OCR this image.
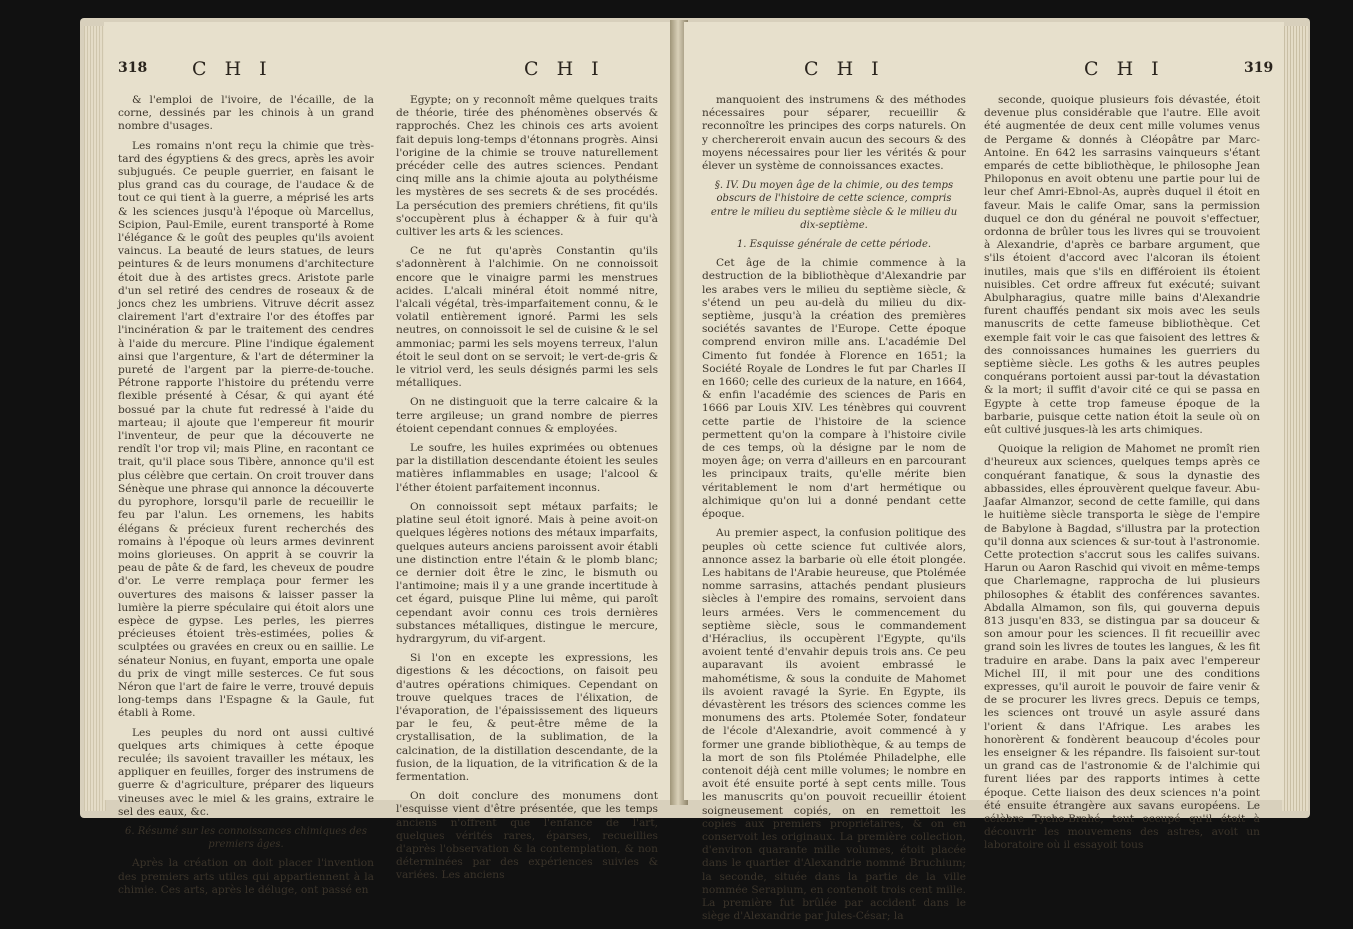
318 C H I	C H I

& l'emploi de l'ivoire, de l'écaille, de la corne, dessinés par les chinois à un grand nombre d'usages.

Les romains n'ont reçu la chimie que très-tard des égyptiens & des grecs, après les avoir subjugués. Ce peuple guerrier, en faisant le plus grand cas du courage, de l'audace & de tout ce qui tient à la guerre, a méprisé les arts & les sciences jusqu'à l'époque où Marcellus, Scipion, Paul-Emile, eurent transporté à Rome l'élégance & le goût des peuples qu'ils avoient vaincus. La beauté de leurs statues, de leurs peintures & de leurs monumens d'architecture étoit due à des artistes grecs. Aristote parle d'un sel retiré des cendres de roseaux & de joncs chez les umbriens. Vitruve décrit assez clairement l'art d'extraire l'or des étoffes par l'incinération & par le traitement des cendres à l'aide du mercure. Pline l'indique également ainsi que l'argenture, & l'art de déterminer la pureté de l'argent par la pierre-de-touche. Pétrone rapporte l'histoire du prétendu verre flexible présenté à César, & qui ayant été bossué par la chute fut redressé à l'aide du marteau; il ajoute que l'empereur fit mourir l'inventeur, de peur que la découverte ne rendît l'or trop vil; mais Pline, en racontant ce trait, qu'il place sous Tibère, annonce qu'il est plus célèbre que certain. On croit trouver dans Sénèque une phrase qui annonce la découverte du pyrophore, lorsqu'il parle de recueillir le feu par l'alun. Les ornemens, les habits élégans & précieux furent recherchés des romains à l'époque où leurs armes devinrent moins glorieuses. On apprit à se couvrir la peau de pâte & de fard, les cheveux de poudre d'or. Le verre remplaça pour fermer les ouvertures des maisons & laisser passer la lumière la pierre spéculaire qui étoit alors une espèce de gypse. Les perles, les pierres précieuses étoient très-estimées, polies & sculptées ou gravées en creux ou en saillie. Le sénateur Nonius, en fuyant, emporta une opale du prix de vingt mille sesterces. Ce fut sous Néron que l'art de faire le verre, trouvé depuis long-temps dans l'Espagne & la Gaule, fut établi à Rome.

Les peuples du nord ont aussi cultivé quelques arts chimiques à cette époque reculée; ils savoient travailler les métaux, les appliquer en feuilles, forger des instrumens de guerre & d'agriculture, préparer des liqueurs vineuses avec le miel & les grains, extraire le sel des eaux, &c.

6. Résumé sur les connoissances chimiques des premiers âges.

Après la création on doit placer l'invention des premiers arts utiles qui appartiennent à la chimie. Ces arts, après le déluge, ont passé en

Egypte; on y reconnoît même quelques traits de théorie, tirée des phénomènes observés & rapprochés. Chez les chinois ces arts avoient fait depuis long-temps d'étonnans progrès. Ainsi l'origine de la chimie se trouve naturellement précéder celle des autres sciences. Pendant cinq mille ans la chimie ajouta au polythéisme les mystères de ses secrets & de ses procédés. La persécution des premiers chrétiens, fit qu'ils s'occupèrent plus à échapper & à fuir qu'à cultiver les arts & les sciences.

Ce ne fut qu'après Constantin qu'ils s'adonnèrent à l'alchimie. On ne connoissoit encore que le vinaigre parmi les menstrues acides. L'alcali minéral étoit nommé nitre, l'alcali végétal, très-imparfaitement connu, & le volatil entièrement ignoré. Parmi les sels neutres, on connoissoit le sel de cuisine & le sel ammoniac; parmi les sels moyens terreux, l'alun étoit le seul dont on se servoit; le vert-de-gris & le vitriol verd, les seuls désignés parmi les sels métalliques.

On ne distinguoit que la terre calcaire & la terre argileuse; un grand nombre de pierres étoient cependant connues & employées.

Le soufre, les huiles exprimées ou obtenues par la distillation descendante étoient les seules matières inflammables en usage; l'alcool & l'éther étoient parfaitement inconnus.

On connoissoit sept métaux parfaits; le platine seul étoit ignoré. Mais à peine avoit-on quelques légères notions des métaux imparfaits, quelques auteurs anciens paroissent avoir établi une distinction entre l'étain & le plomb blanc; ce dernier doit être le zinc, le bismuth ou l'antimoine; mais il y a une grande incertitude à cet égard, puisque Pline lui même, qui paroît cependant avoir connu ces trois dernières substances métalliques, distingue le mercure, hydrargyrum, du vif-argent.

Si l'on en excepte les expressions, les digestions & les décoctions, on faisoit peu d'autres opérations chimiques. Cependant on trouve quelques traces de l'élixation, de l'évaporation, de l'épaississement des liqueurs par le feu, & peut-être même de la crystallisation, de la sublimation, de la calcination, de la distillation descendante, de la fusion, de la liquation, de la vitrification & de la fermentation.

On doit conclure des monumens dont l'esquisse vient d'être présentée, que les temps anciens n'offrent que l'enfance de l'art, quelques vérités rares, éparses, recueillies d'après l'observation & la contemplation, & non déterminées par des expériences suivies & variées. Les anciens

C H I	C H I	319

manquoient des instrumens & des méthodes nécessaires pour séparer, recueillir & reconnoître les principes des corps naturels. On y cherchereroit envain aucun des secours & des moyens nécessaires pour lier les vérités & pour élever un système de connoissances exactes.

§. IV. Du moyen âge de la chimie, ou des temps obscurs de l'histoire de cette science, compris entre le milieu du septième siècle & le milieu du dix-septième.
1. Esquisse générale de cette période.

Cet âge de la chimie commence à la destruction de la bibliothèque d'Alexandrie par les arabes vers le milieu du septième siècle, & s'étend un peu au-delà du milieu du dix-septième, jusqu'à la création des premières sociétés savantes de l'Europe. Cette époque comprend environ mille ans. L'académie Del Cimento fut fondée à Florence en 1651; la Société Royale de Londres le fut par Charles II en 1660; celle des curieux de la nature, en 1664, & enfin l'académie des sciences de Paris en 1666 par Louis XIV. Les ténèbres qui couvrent cette partie de l'histoire de la science permettent qu'on la compare à l'histoire civile de ces temps, où la désigne par le nom de moyen âge; on verra d'ailleurs en en parcourant les principaux traits, qu'elle mérite bien véritablement le nom d'art hermétique ou alchimique qu'on lui a donné pendant cette époque.

Au premier aspect, la confusion politique des peuples où cette science fut cultivée alors, annonce assez la barbarie où elle étoit plongée. Les habitans de l'Arabie heureuse, que Ptolémée nomme sarrasins, attachés pendant plusieurs siècles à l'empire des romains, servoient dans leurs armées. Vers le commencement du septième siècle, sous le commandement d'Héraclius, ils occupèrent l'Egypte, qu'ils avoient tenté d'envahir depuis trois ans. Ce peu auparavant ils avoient embrassé le mahométisme, & sous la conduite de Mahomet ils avoient ravagé la Syrie. En Egypte, ils dévastèrent les trésors des sciences comme les monumens des arts. Ptolemée Soter, fondateur de l'école d'Alexandrie, avoit commencé à y former une grande bibliothèque, & au temps de la mort de son fils Ptolémée Philadelphe, elle contenoit déjà cent mille volumes; le nombre en avoit été ensuite porté à sept cents mille. Tous les manuscrits qu'on pouvoit recueillir étoient soigneusement copiés, on en remettoit les copies aux premiers propriétaires, & on en conservoit les originaux. La première collection, d'environ quarante mille volumes, étoit placée dans le quartier d'Alexandrie nommé Bruchium; la seconde, située dans la partie de la ville nommée Serapium, en contenoit trois cent mille. La première fut brûlée par accident dans le siège d'Alexandrie par Jules-César; la

seconde, quoique plusieurs fois dévastée, étoit devenue plus considérable que l'autre. Elle avoit été augmentée de deux cent mille volumes venus de Pergame & donnés à Cléopâtre par Marc-Antoine. En 642 les sarrasins vainqueurs s'étant emparés de cette bibliothèque, le philosophe Jean Philoponus en avoit obtenu une partie pour lui de leur chef Amri-Ebnol-As, auprès duquel il étoit en faveur. Mais le calife Omar, sans la permission duquel ce don du général ne pouvoit s'effectuer, ordonna de brûler tous les livres qui se trouvoient à Alexandrie, d'après ce barbare argument, que s'ils étoient d'accord avec l'alcoran ils étoient inutiles, mais que s'ils en différoient ils étoient nuisibles. Cet ordre affreux fut exécuté; suivant Abulpharagius, quatre mille bains d'Alexandrie furent chauffés pendant six mois avec les seuls manuscrits de cette fameuse bibliothèque. Cet exemple fait voir le cas que faisoient des lettres & des connoissances humaines les guerriers du septième siècle. Les goths & les autres peuples conquérans portoient aussi par-tout la dévastation & la mort; il suffit d'avoir cité ce qui se passa en Egypte à cette trop fameuse époque de la barbarie, puisque cette nation étoit la seule où on eût cultivé jusques-là les arts chimiques.

Quoique la religion de Mahomet ne promît rien d'heureux aux sciences, quelques temps après ce conquérant fanatique, & sous la dynastie des abbassides, elles éprouvèrent quelque faveur. Abu-Jaafar Almanzor, second de cette famille, qui dans le huitième siècle transporta le siège de l'empire de Babylone à Bagdad, s'illustra par la protection qu'il donna aux sciences & sur-tout à l'astronomie. Cette protection s'accrut sous les califes suivans. Harun ou Aaron Raschid qui vivoit en même-temps que Charlemagne, rapprocha de lui plusieurs philosophes & établit des conférences savantes. Abdalla Almamon, son fils, qui gouverna depuis 813 jusqu'en 833, se distingua par sa douceur & son amour pour les sciences. Il fit recueillir avec grand soin les livres de toutes les langues, & les fit traduire en arabe. Dans la paix avec l'empereur Michel III, il mit pour une des conditions expresses, qu'il auroit le pouvoir de faire venir & de se procurer les livres grecs. Depuis ce temps, les sciences ont trouvé un asyle assuré dans l'orient & dans l'Afrique. Les arabes les honorèrent & fondèrent beaucoup d'écoles pour les enseigner & les répandre. Ils faisoient sur-tout un grand cas de l'astronomie & de l'alchimie qui furent liées par des rapports intimes à cette époque. Cette liaison des deux sciences n'a point été ensuite étrangère aux savans européens. Le célèbre Tycho-Brahé, tout occupé qu'il étoit à découvrir les mouvemens des astres, avoit un laboratoire où il essayoit tous
